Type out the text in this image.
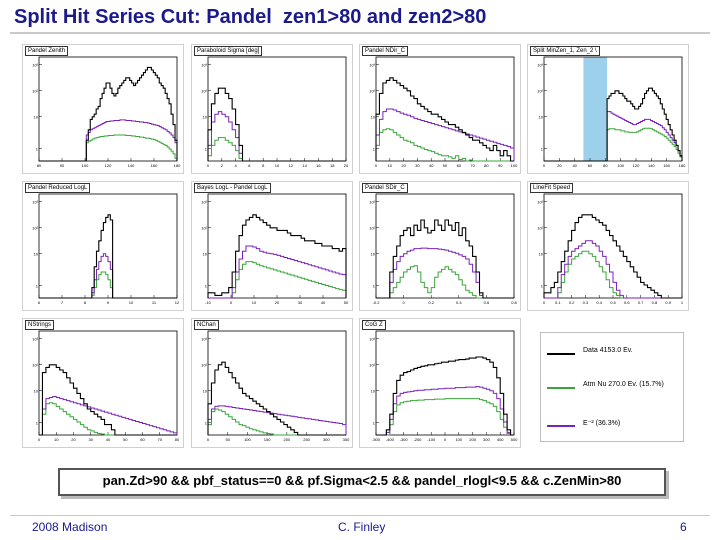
Split Hit Series Cut: Pandel  zen1>80 and zen2>80
Pandel Zenith
10³
10²
10
1
80	90	100	120	140	160	180
Paraboloid Sigma [deg]
10³
10²
10
1
0	2	4	6	8	10 12 14 16 18 20
Pandel NDir_C
10³
10²
10
1
0	10 20 30 40 50 60 70 80 90 100
Split MinZen_1, Zen_2 \
10³
10²
10
1
0	20	40	60	80 100 120 140 160 180
Pandel Reduced LogL
10³
10²
10
1
6	7	8	9	10	11	12
Bayes LogL - Pandel LogL
10³
10²
10
1
-10	0	10	20	30	40	50
Pandel SDir_C
10³
10²
10
1
-0.2	0	0.2	0.4	0.6	0.8
LineFit Speed
10³
10²
10
1
0 0.1 0.2 0.3 0.4 0.5 0.6 0.7 0.8 0.9 1
NStrings
10³
10²
10
1
0	10	20	30	40	50	60	70	80
NChan
10³
10²
10
1
0	50	100	150	200	250	300	350
CoG Z
10³
10²
10
1
-500 -400 -300 -200 -100 0 100 200 300 400 500
Data 4153.0 Ev.
Atm Nu 270.0 Ev. (15.7%)
E⁻² (36.3%)
pan.Zd>90 && pbf_status==0 && pf.Sigma<2.5 && pandel_rlogl<9.5 && c.ZenMin>80
2008 Madison	C. Finley	6
